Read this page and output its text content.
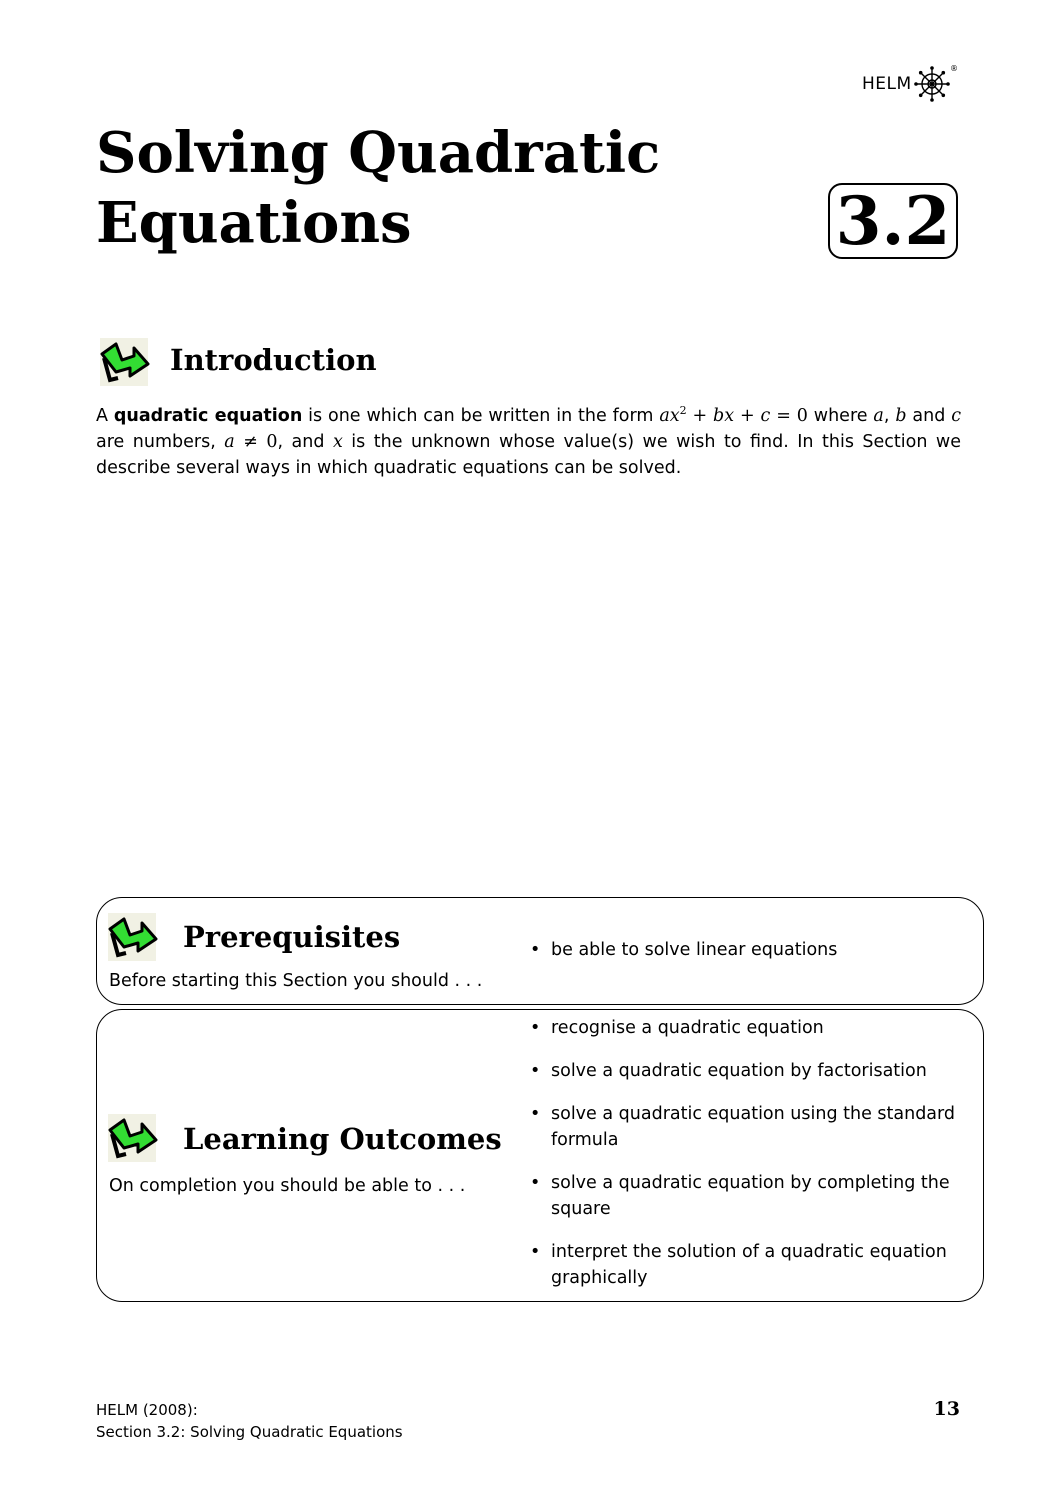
HELM
®
Solving Quadratic
Equations	3.2
Introduction

A quadratic equation is one which can be written in the form $ax^2$ + bx + c = 0 where a, b and c are numbers, a ≠ 0, and x is the unknown whose value(s) we wish to find. In this Section we describe several ways in which quadratic equations can be solved.

Prerequisites

Before starting this Section you should . . .

• be able to solve linear equations
Learning Outcomes

On completion you should be able to . . .

• recognise a quadratic equation
• solve a quadratic equation by factorisation
• solve a quadratic equation using the standard formula
• solve a quadratic equation by completing the square
• interpret the solution of a quadratic equation graphically
HELM (2008):
Section 3.2: Solving Quadratic Equations
13
